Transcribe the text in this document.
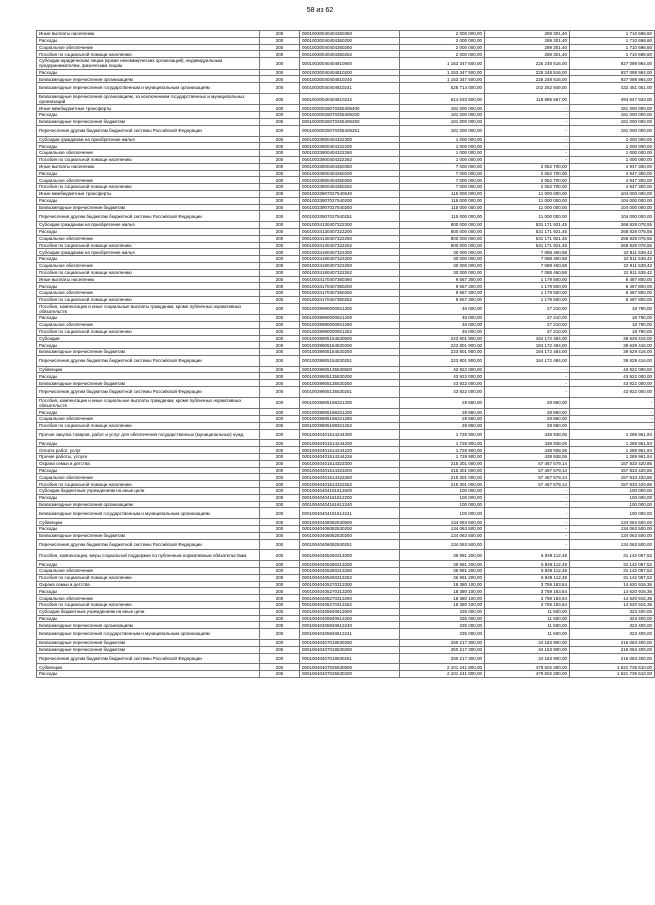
58 из 62
Иные выплаты населению	200	00010030040404360360	2 000 000,00	289 301,40	1 710 698,60
Расходы	200	00010030040404360200	2 000 000,00	289 301,40	1 710 698,60
Социальное обеспечение	200	00010030040404360260	2 000 000,00	289 301,40	1 710 698,60
Пособия по социальной помощи населению	200	00010030040404360262	2 000 000,00	289 301,40	1 710 698,60
Субсидии юридическим лицам (кроме некоммерческих организаций), индивидуальным предпринимателям, физическим лицам	200	00010030040404810800	1 153 347 500,00	225 248 516,00	927 098 984,00
Расходы	200	00010030040404810200	1 153 347 500,00	225 248 516,00	927 098 984,00
Безвозмездные перечисления организациям	200	00010030040404810240	1 153 347 500,00	225 248 516,00	927 098 984,00
Безвозмездные перечисления государственным и муниципальным организациям	200	00010030040404810241	528 714 000,00	102 262 949,00	432 451 051,00
Безвозмездные перечисления организациям, за исключением государственных и муниципальных организаций	200	00010030040404810242	614 633 500,00	119 985 567,00	494 647 933,00
Иные межбюджетные трансферты	200	00010030026070255405400	181 000 000,00	-	181 000 000,00
Расходы	200	00010030026070255405200	181 000 000,00	-	181 000 000,00
Безвозмездные перечисления бюджетам	200	00010030026070255405250	181 000 000,00	-	181 000 000,00
Перечисления другим бюджетам бюджетной системы Российской Федерации	200	00010030026070255405251	181 000 000,00	-	181 000 000,00
Субсидии гражданам на приобретение жилья	200	00010033900404322300	1 000 000,00	-	1 000 000,00
Расходы	200	00010033900404322200	1 000 000,00	-	1 000 000,00
Социальное обеспечение	200	00010033900404322260	1 000 000,00	-	1 000 000,00
Пособия по социальной помощи населению	200	00010033900404322262	1 000 000,00	-	1 000 000,00
Иные выплаты населению	200	00010033900404360360	7 000 000,00	2 052 700,00	4 947 300,00
Расходы	200	00010033900404360200	7 000 000,00	2 052 700,00	4 947 300,00
Социальное обеспечение	200	00010033900404360260	7 000 000,00	2 052 700,00	4 947 300,00
Пособия по социальной помощи населению	200	00010033900404360262	7 000 000,00	2 052 700,00	4 947 300,00
Иные межбюджетные трансферты	200	00010033907027540540	115 000 000,00	11 000 000,00	104 000 000,00
Расходы	200	00010033907027540200	115 000 000,00	11 000 000,00	104 000 000,00
Безвозмездные перечисления бюджетам	200	00010033907027540250	115 000 000,00	11 000 000,00	104 000 000,00
Перечисления другим бюджетам бюджетной системы Российской Федерации	200	00010033907027540251	115 000 000,00	11 000 000,00	104 000 000,00
Субсидии гражданам на приобретение жилья	200	00010034130407322300	800 000 000,00	531 171 921,45	268 828 078,55
Расходы	200	00010034130407322200	800 000 000,00	531 171 921,45	268 828 078,55
Социальное обеспечение	200	00010034130407322260	800 000 000,00	531 171 921,45	268 828 078,55
Пособия по социальной помощи населению	200	00010034130407322262	800 000 000,00	531 171 921,45	268 828 078,55
Субсидии гражданам на приобретение жилья	200	00010034180407322300	30 000 000,00	7 088 460,58	22 911 539,42
Расходы	200	00010034180407322200	30 000 000,00	7 088 460,58	22 911 539,42
Социальное обеспечение	200	00010034180407322260	30 000 000,00	7 088 460,58	22 911 539,42
Пособия по социальной помощи населению	200	00010034180407322262	30 000 000,00	7 088 460,58	22 911 539,42
Иные выплаты населению	200	00010034170407360360	9 667 300,00	1 179 500,00	8 487 800,00
Расходы	200	00010034170407360200	9 667 300,00	1 179 500,00	8 487 800,00
Социальное обеспечение	200	00010034170407360260	9 667 300,00	1 179 500,00	8 487 800,00
Пособия по социальной помощи населению	200	00010034170407360262	9 667 300,00	1 179 500,00	8 487 800,00
Пособия, компенсации и иные социальные выплаты гражданам, кроме публичных нормативных обязательств	200	00010039990000921300	46 000,00	27 210,00	18 790,00
Расходы	200	00010039990000921200	46 000,00	27 210,00	18 790,00
Социальное обеспечение	200	00010039990000921260	46 000,00	27 210,00	18 790,00
Пособия по социальной помощи населению	200	00010039990000921262	46 000,00	27 210,00	18 790,00
Субсидии	200	00010039905154530500	223 801 900,00	184 172 484,00	39 629 416,00
Расходы	200	00010039905154530200	223 801 900,00	184 172 484,00	39 629 416,00
Безвозмездные перечисления бюджетам	200	00010039905154530250	223 801 900,00	184 172 484,00	39 629 416,00
Перечисления другим бюджетам бюджетной системы Российской Федерации	200	00010039905154530251	223 801 900,00	184 172 484,00	39 629 416,00
Субвенции	200	00010039905135530500	43 922 000,00	-	43 922 000,00
Расходы	200	00010039905135530200	43 922 000,00	-	43 922 000,00
Безвозмездные перечисления бюджетам	200	00010039905135530250	43 922 000,00	-	43 922 000,00
Перечисления другим бюджетам бюджетной системы Российской Федерации	200	00010039905135530251	43 922 000,00	-	43 922 000,00
Пособия, компенсации и иные социальные выплаты гражданам, кроме публичных нормативных обязательств	200	00010039905198321300	28 860,00	28 860,00	-
Расходы	200	00010039905198321200	28 860,00	28 860,00	-
Социальное обеспечение	200	00010039905198321260	28 860,00	28 860,00	-
Пособия по социальной помощи населению	200	00010039905198321262	28 860,00	28 860,00	-
Прочая закупка товаров, работ и услуг для обеспечения государственных (муниципальных) нужд	200	00010040401514244300	1 728 900,00	438 938,06	1 289 961,94
Расходы	200	00010040401514244200	1 728 900,00	438 938,06	1 289 961,94
Оплата работ, услуг	200	00010040401514244220	1 728 900,00	438 938,06	1 289 961,94
Прочие работы, услуги	200	00010040401514244226	1 728 900,00	438 938,06	1 289 961,94
Охрана семьи и детства	200	00010040401514323300	215 301 000,00	57 467 579,14	157 833 420,86
Расходы	200	00010040401514323200	215 301 000,00	57 467 579,14	157 833 420,86
Социальное обеспечение	200	00010040401514323260	215 301 000,00	57 467 579,14	157 833 420,86
Пособия по социальной помощи населению	200	00010040401514323262	215 301 000,00	57 467 579,14	157 833 420,86
Субсидии бюджетным учреждениям на иные цели	200	00010040404161612600	100 000,00	-	100 000,00
Расходы	200	00010040404161612200	100 000,00	-	100 000,00
Безвозмездные перечисления организациям	200	00010040404161612240	100 000,00	-	100 000,00
Безвозмездные перечисления государственным и муниципальным организациям	200	00010040404161612241	100 000,00	-	100 000,00
Субвенции	200	00010040406082530500	134 063 500,00	-	134 063 500,00
Расходы	200	00010040406082530200	134 063 500,00	-	134 063 500,00
Безвозмездные перечисления бюджетам	200	00010040406082530250	134 063 500,00	-	134 063 500,00
Перечисления другим бюджетам бюджетной системы Российской Федерации	200	00010040406082530251	134 063 500,00	-	134 063 500,00
Пособия, компенсации, меры социальной поддержки по публичным нормативным обязательствам	200	00010040405260313300	36 991 200,00	5 849 112,48	31 142 087,52
Расходы	200	00010040405260313200	36 991 200,00	5 849 112,48	31 142 087,52
Социальное обеспечение	200	00010040405260313260	36 991 200,00	5 849 112,48	31 142 087,52
Пособия по социальной помощи населению	200	00010040405260313262	36 991 200,00	5 849 112,48	31 142 087,52
Охрана семьи и детства	200	00010040405270313300	18 380 100,00	3 759 183,64	14 620 916,36
Расходы	200	00010040405270313200	18 380 100,00	3 759 183,64	14 620 916,36
Социальное обеспечение	200	00010040405270313260	18 380 100,00	3 759 183,64	14 620 916,36
Пособия по социальной помощи населению	200	00010040405270313262	18 380 100,00	3 759 183,64	14 620 916,36
Субсидии бюджетным учреждениям на иные цели	200	00010040405940612600	335 000,00	11 600,00	323 400,00
Расходы	200	00010040405940612200	335 000,00	11 600,00	323 400,00
Безвозмездные перечисления организациям	200	00010040405940612240	335 000,00	11 600,00	323 400,00
Безвозмездные перечисления государственным и муниципальным организациям	200	00010040405940612241	335 000,00	11 600,00	323 400,00
Безвозмездные перечисления бюджетам	200	00010040407018530250	250 217 300,00	34 153 900,00	216 063 400,00
Безвозмездные перечисления бюджетам	200	00010040407018530250	250 217 300,00	34 153 900,00	216 063 400,00
Перечисления другим бюджетам бюджетной системы Российской Федерации	200	00010040407018530251	250 217 300,00	34 153 900,00	216 063 400,00
Субвенции	200	00010040407025530500	2 101 241 800,00	479 502 290,00	1 621 739 510,00
Расходы	200	00010040407025530200	2 101 241 800,00	479 502 290,00	1 621 739 510,00
